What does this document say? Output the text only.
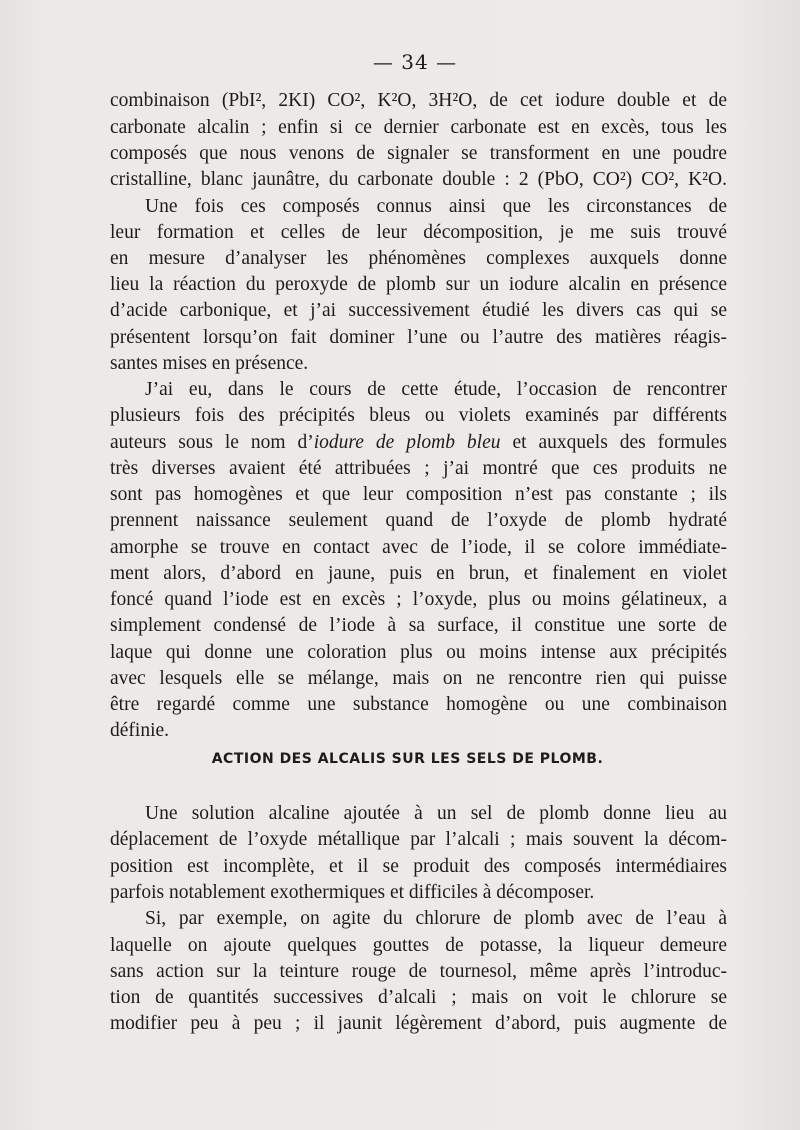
— 34 —
combinaison (PbI², 2KI) CO², K²O, 3H²O, de cet iodure double et de
carbonate alcalin ; enfin si ce dernier carbonate est en excès, tous les
composés que nous venons de signaler se transforment en une poudre
cristalline, blanc jaunâtre, du carbonate double : 2 (PbO, CO²) CO², K²O.
Une fois ces composés connus ainsi que les circonstances de
leur formation et celles de leur décomposition, je me suis trouvé
en mesure d’analyser les phénomènes complexes auxquels donne
lieu la réaction du peroxyde de plomb sur un iodure alcalin en présence
d’acide carbonique, et j’ai successivement étudié les divers cas qui se
présentent lorsqu’on fait dominer l’une ou l’autre des matières réagis-
santes mises en présence.
J’ai eu, dans le cours de cette étude, l’occasion de rencontrer
plusieurs fois des précipités bleus ou violets examinés par différents
auteurs sous le nom d’iodure de plomb bleu et auxquels des formules
très diverses avaient été attribuées ; j’ai montré que ces produits ne
sont pas homogènes et que leur composition n’est pas constante ; ils
prennent naissance seulement quand de l’oxyde de plomb hydraté
amorphe se trouve en contact avec de l’iode, il se colore immédiate-
ment alors, d’abord en jaune, puis en brun, et finalement en violet
foncé quand l’iode est en excès ; l’oxyde, plus ou moins gélatineux, a
simplement condensé de l’iode à sa surface, il constitue une sorte de
laque qui donne une coloration plus ou moins intense aux précipités
avec lesquels elle se mélange, mais on ne rencontre rien qui puisse
être regardé comme une substance homogène ou une combinaison
définie.
ACTION DES ALCALIS SUR LES SELS DE PLOMB.
Une solution alcaline ajoutée à un sel de plomb donne lieu au
déplacement de l’oxyde métallique par l’alcali ; mais souvent la décom-
position est incomplète, et il se produit des composés intermédiaires
parfois notablement exothermiques et difficiles à décomposer.
Si, par exemple, on agite du chlorure de plomb avec de l’eau à
laquelle on ajoute quelques gouttes de potasse, la liqueur demeure
sans action sur la teinture rouge de tournesol, même après l’introduc-
tion de quantités successives d’alcali ; mais on voit le chlorure se
modifier peu à peu ; il jaunit légèrement d’abord, puis augmente de
